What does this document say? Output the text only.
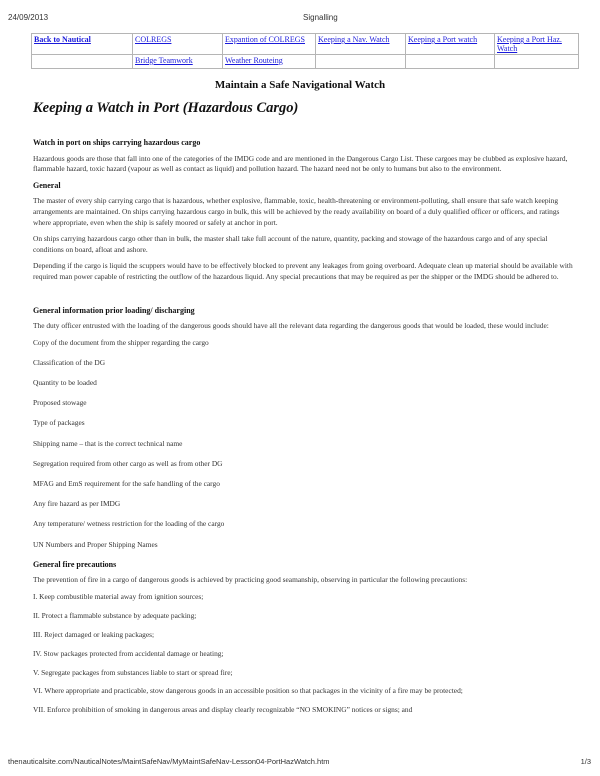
24/09/2013	Signalling
Back to Nautical	COLREGS	Expantion of COLREGS	Keeping a Nav. Watch	Keeping a Port watch	Keeping a Port Haz. Watch
	Bridge Teamwork	Weather Routeing			
Maintain a Safe Navigational Watch
Keeping a Watch in Port (Hazardous Cargo)
Watch in port on ships carrying hazardous cargo

Hazardous goods are those that fall into one of the categories of the IMDG code and are mentioned in the Dangerous Cargo List. These cargoes may be clubbed as explosive hazard, flammable hazard, toxic hazard (vapour as well as contact as liquid) and pollution hazard. The hazard need not be only to humans but also to the environment.

General

The master of every ship carrying cargo that is hazardous, whether explosive, flammable, toxic, health-threatening or environment-polluting, shall ensure that safe watch keeping arrangements are maintained. On ships carrying hazardous cargo in bulk, this will be achieved by the ready availability on board of a duly qualified officer or officers, and ratings where appropriate, even when the ship is safely moored or safely at anchor in port.

On ships carrying hazardous cargo other than in bulk, the master shall take full account of the nature, quantity, packing and stowage of the hazardous cargo and of any special conditions on board, afloat and ashore.

Depending if the cargo is liquid the scuppers would have to be effectively blocked to prevent any leakages from going overboard. Adequate clean up material should be available with required man power capable of restricting the outflow of the hazardous liquid. Any special precautions that may be required as per the shipper or the IMDG should be adhered to.

General information prior loading/ discharging

The duty officer entrusted with the loading of the dangerous goods should have all the relevant data regarding the dangerous goods that would be loaded, these would include:

Copy of the document from the shipper regarding the cargo
Classification of the DG
Quantity to be loaded
Proposed stowage
Type of packages
Shipping name – that is the correct technical name
Segregation required from other cargo as well as from other DG
MFAG and EmS requirement for the safe handling of the cargo
Any fire hazard as per IMDG
Any temperature/ wetness restriction for the loading of the cargo
UN Numbers and Proper Shipping Names
General fire precautions

The prevention of fire in a cargo of dangerous goods is achieved by practicing good seamanship, observing in particular the following precautions:

I. Keep combustible material away from ignition sources;
II. Protect a flammable substance by adequate packing;
III. Reject damaged or leaking packages;
IV. Stow packages protected from accidental damage or heating;
V. Segregate packages from substances liable to start or spread fire;
VI. Where appropriate and practicable, stow dangerous goods in an accessible position so that packages in the vicinity of a fire may be protected;
VII. Enforce prohibition of smoking in dangerous areas and display clearly recognizable “NO SMOKING” notices or signs; and
thenauticalsite.com/NauticalNotes/MaintSafeNav/MyMaintSafeNav-Lesson04-PortHazWatch.htm	1/3
